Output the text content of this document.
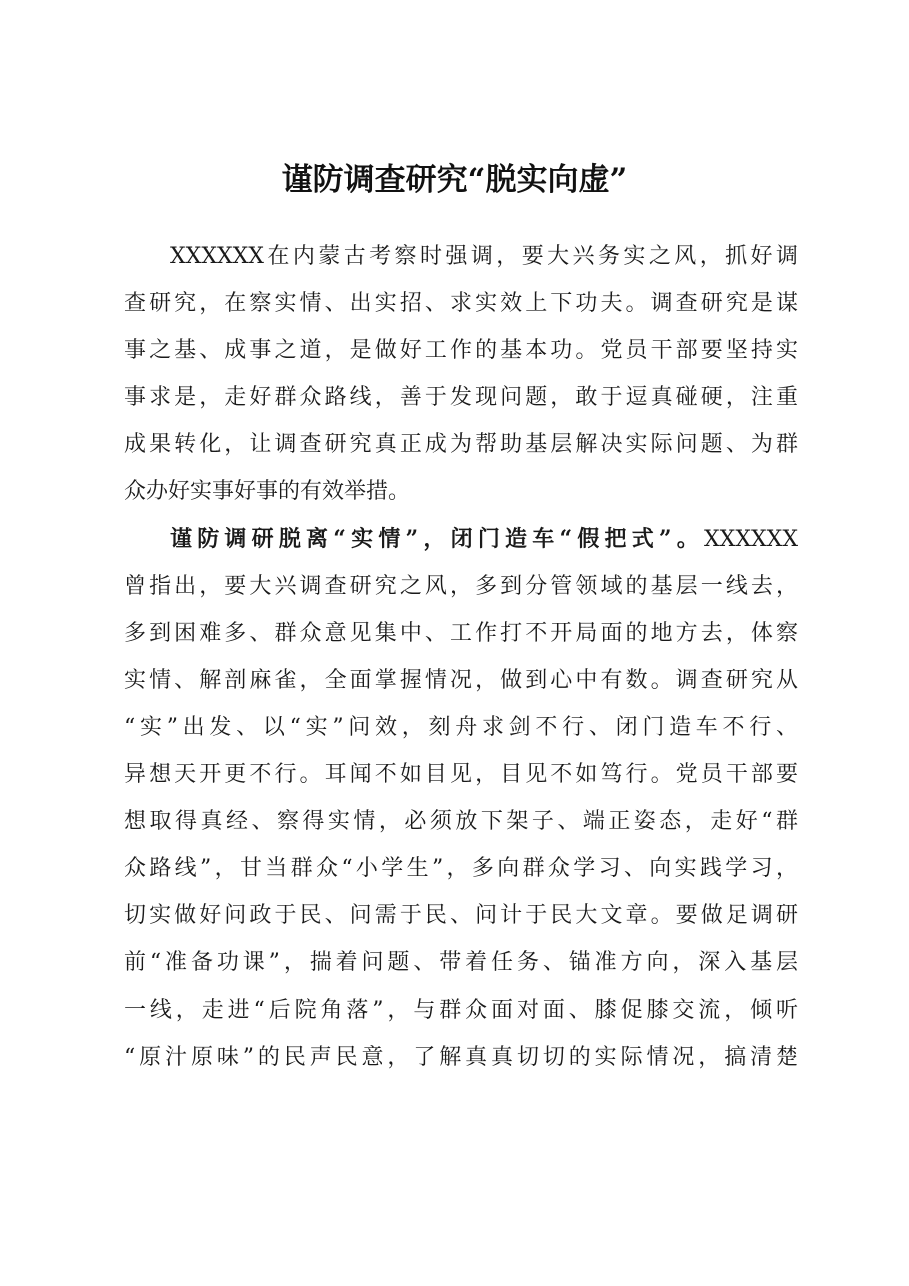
谨防调查研究“脱实向虚”
XXXXXX在内蒙古考察时强调，要大兴务实之风，抓好调
查研究，在察实情、出实招、求实效上下功夫。调查研究是谋
事之基、成事之道，是做好工作的基本功。党员干部要坚持实
事求是，走好群众路线，善于发现问题，敢于逗真碰硬，注重
成果转化，让调查研究真正成为帮助基层解决实际问题、为群
众办好实事好事的有效举措。
谨防调研脱离“实情”，闭门造车“假把式”。XXXXXX
曾指出，要大兴调查研究之风，多到分管领域的基层一线去，
多到困难多、群众意见集中、工作打不开局面的地方去，体察
实情、解剖麻雀，全面掌握情况，做到心中有数。调查研究从
“实”出发、以“实”问效，刻舟求剑不行、闭门造车不行、
异想天开更不行。耳闻不如目见，目见不如笃行。党员干部要
想取得真经、察得实情，必须放下架子、端正姿态，走好“群
众路线”，甘当群众“小学生”，多向群众学习、向实践学习，
切实做好问政于民、问需于民、问计于民大文章。要做足调研
前“准备功课”，揣着问题、带着任务、锚准方向，深入基层
一线，走进“后院角落”，与群众面对面、膝促膝交流，倾听
“原汁原味”的民声民意，了解真真切切的实际情况，搞清楚
